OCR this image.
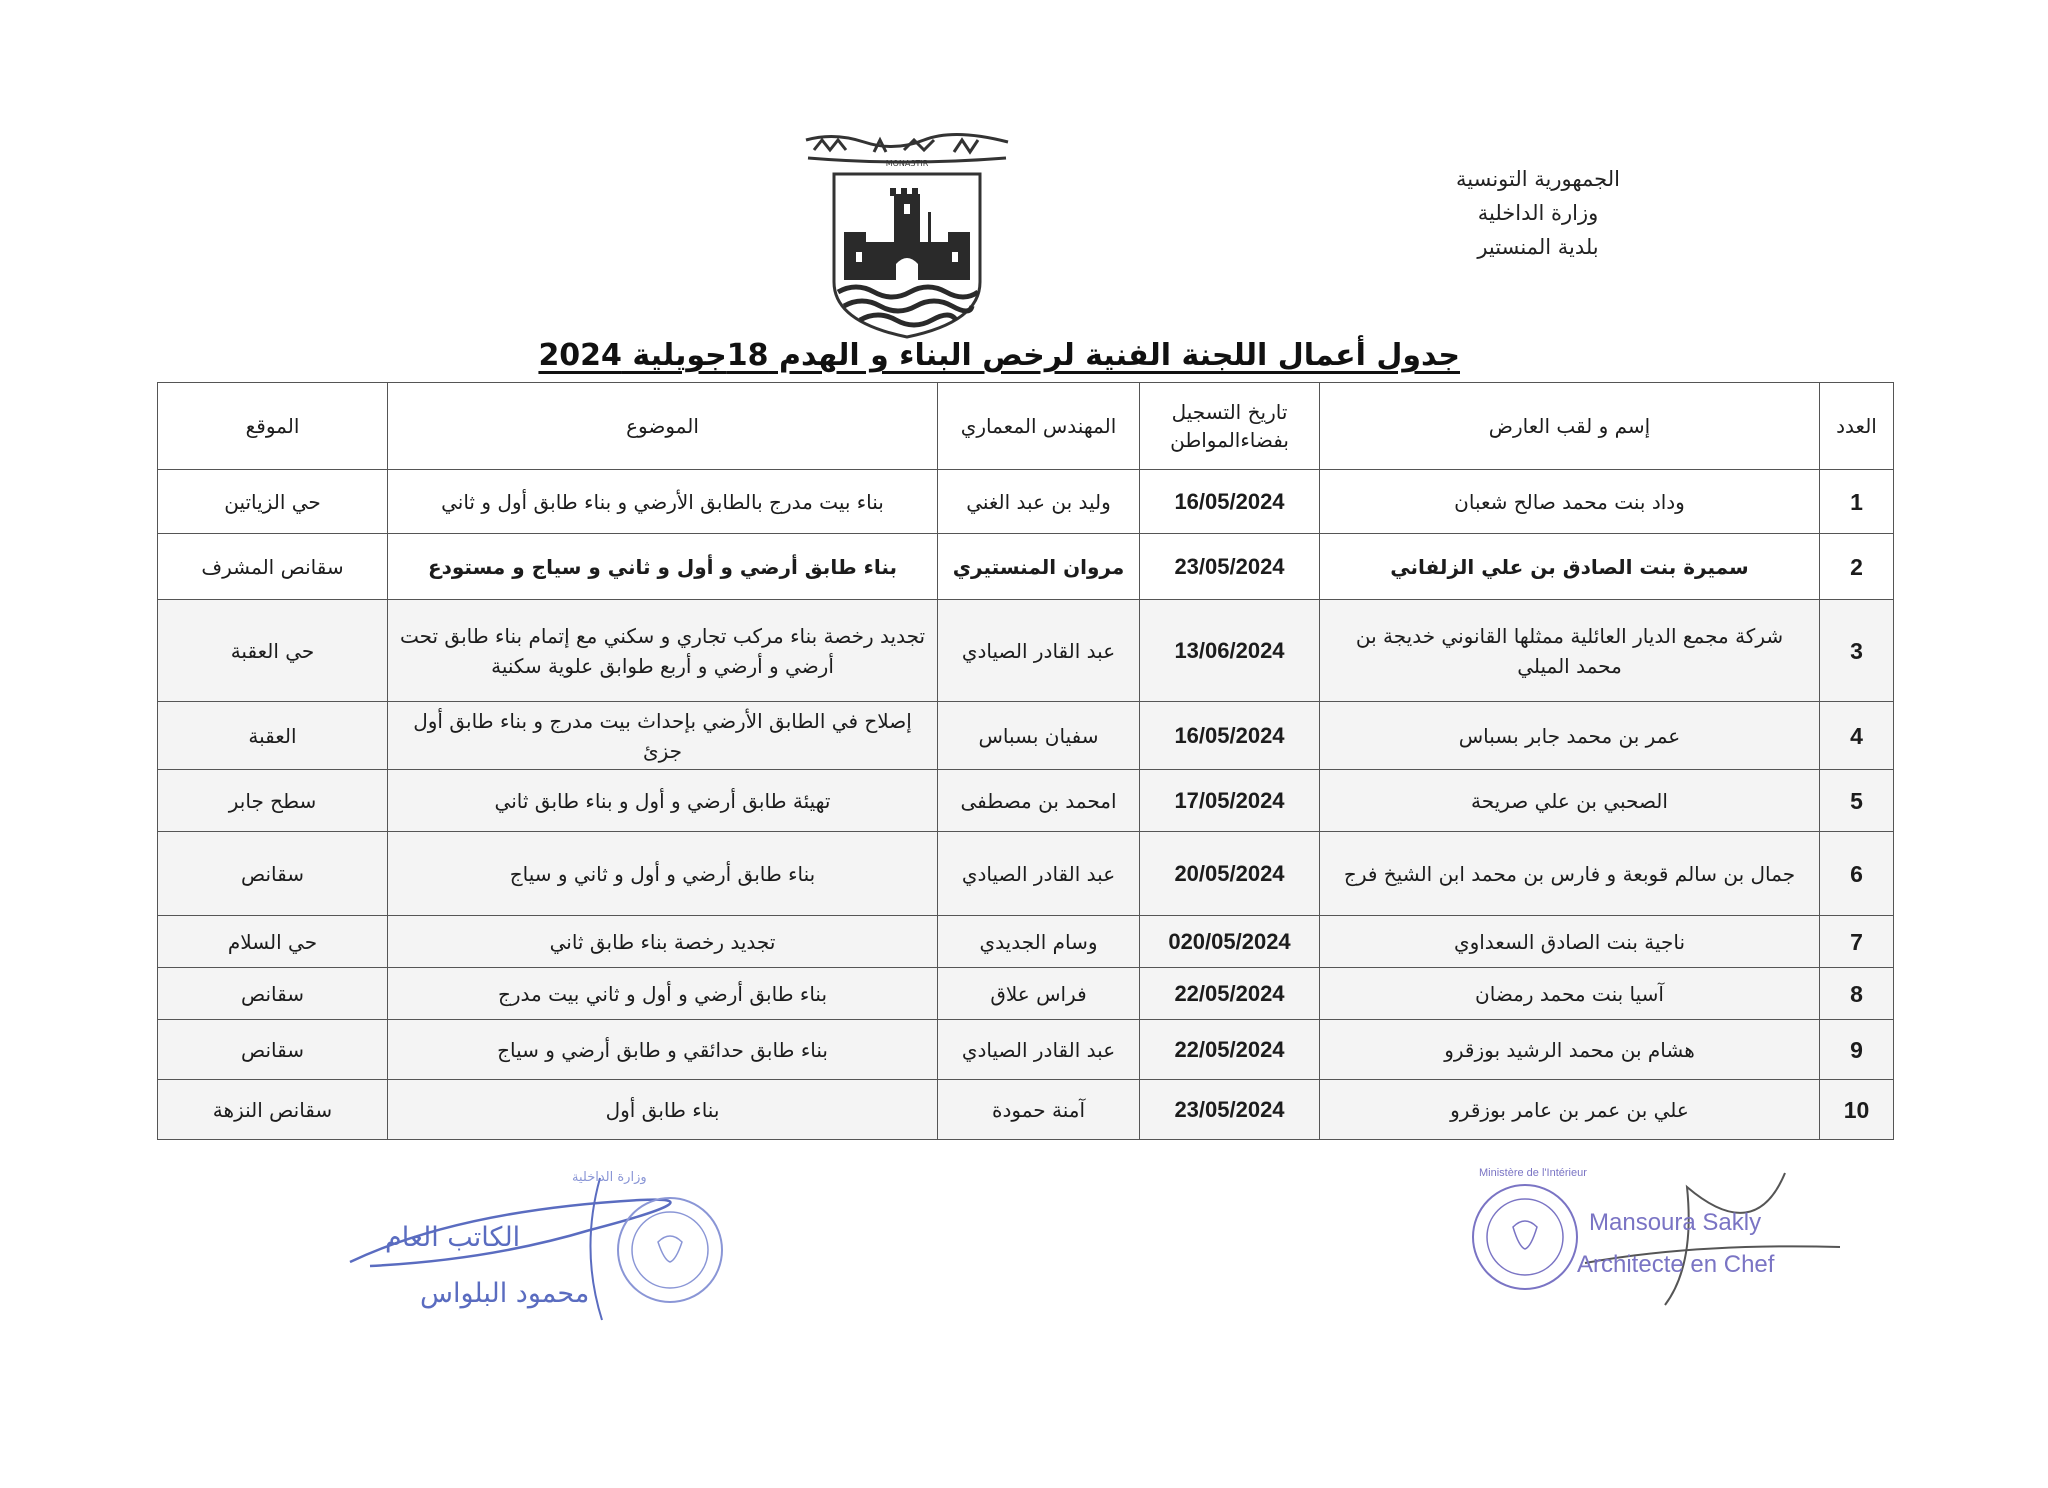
الجمهورية التونسية
وزارة الداخلية
بلدية المنستير
MONASTIR
جدول أعمال اللجنة الفنية لرخص البناء و الهدم 18جويلية 2024
العدد	إسم و لقب العارض	تاريخ التسجيل بفضاءالمواطن	المهندس المعماري	الموضوع	الموقع
1	وداد بنت محمد صالح شعبان	16/05/2024	وليد بن عبد الغني	بناء بيت مدرج بالطابق الأرضي و بناء طابق أول و ثاني	حي الزياتين
2	سميرة بنت الصادق بن علي الزلفاني	23/05/2024	مروان المنستيري	بناء طابق أرضي و أول و ثاني و سياج و مستودع	سقانص المشرف
3	شركة مجمع الديار العائلية ممثلها القانوني خديجة بن محمد الميلي	13/06/2024	عبد القادر الصيادي	تجديد رخصة بناء مركب تجاري و سكني مع إتمام بناء طابق تحت أرضي و أرضي و أربع طوابق علوية سكنية	حي العقبة
4	عمر بن محمد جابر بسباس	16/05/2024	سفيان بسباس	إصلاح في الطابق الأرضي بإحداث بيت مدرج و بناء طابق أول جزئ	العقبة
5	الصحبي بن علي صريحة	17/05/2024	امحمد بن مصطفى	تهيئة طابق أرضي و أول و بناء طابق ثاني	سطح جابر
6	جمال بن سالم قوبعة و فارس بن محمد ابن الشيخ فرج	20/05/2024	عبد القادر الصيادي	بناء طابق أرضي و أول و ثاني و سياج	سقانص
7	ناجية بنت الصادق السعداوي	020/05/2024	وسام الجديدي	تجديد رخصة بناء طابق ثاني	حي السلام
8	آسيا بنت محمد رمضان	22/05/2024	فراس علاق	بناء طابق أرضي و أول و ثاني بيت مدرج	سقانص
9	هشام بن محمد الرشيد بوزقرو	22/05/2024	عبد القادر الصيادي	بناء طابق حدائقي و طابق أرضي و سياج	سقانص
10	علي بن عمر بن عامر بوزقرو	23/05/2024	آمنة حمودة	بناء طابق أول	سقانص النزهة
الكاتب العام
محمود البلواس
وزارة الداخلية
Mansoura Sakly
Architecte en Chef
Ministère de l'Intérieur
